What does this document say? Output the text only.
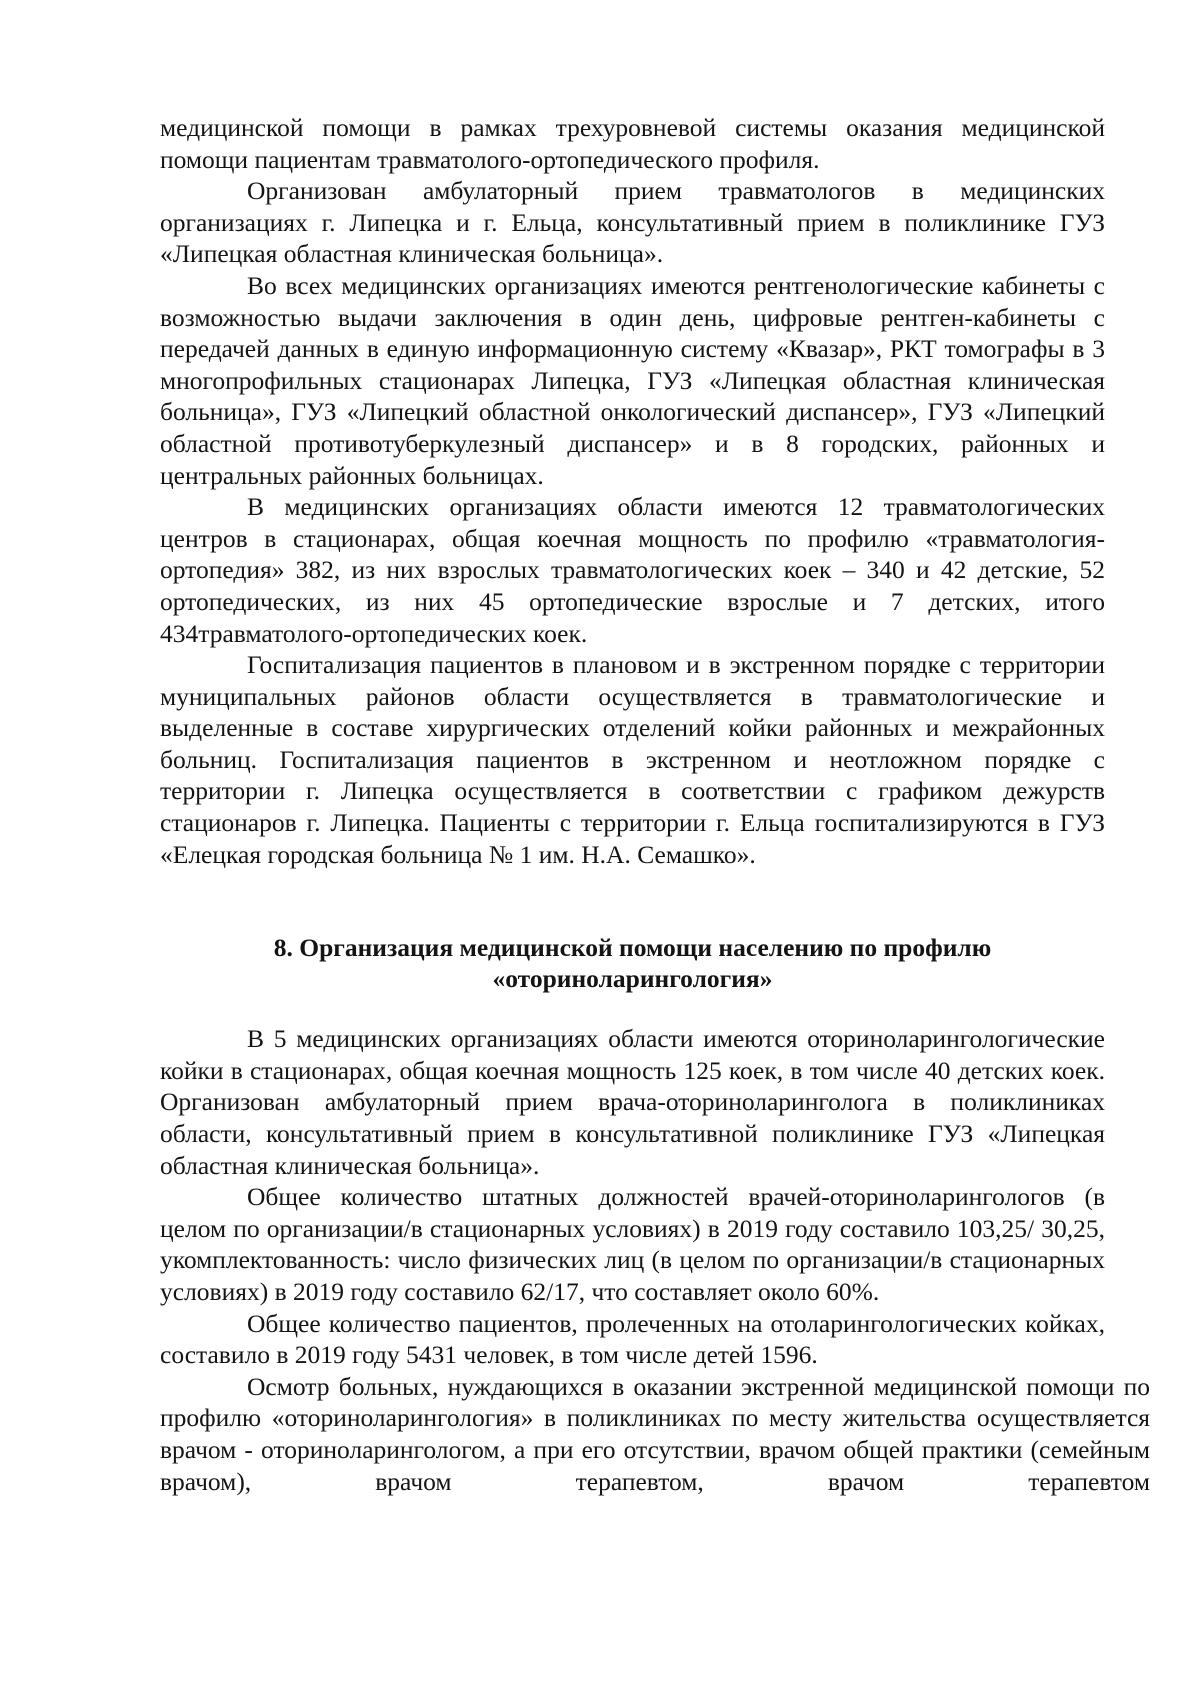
медицинской помощи в рамках трехуровневой системы оказания медицинской помощи пациентам травматолого-ортопедического профиля.

Организован амбулаторный прием травматологов в медицинских организациях г. Липецка и г. Ельца, консультативный прием в поликлинике ГУЗ «Липецкая областная клиническая больница».

Во всех медицинских организациях имеются рентгенологические кабинеты с возможностью выдачи заключения в один день, цифровые рентген-кабинеты с передачей данных в единую информационную систему «Квазар», РКТ томографы в 3 многопрофильных стационарах Липецка, ГУЗ «Липецкая областная клиническая больница», ГУЗ «Липецкий областной онкологический диспансер», ГУЗ «Липецкий областной противотуберкулезный диспансер» и в 8 городских, районных и центральных районных больницах.

В медицинских организациях области имеются 12 травматологических центров в стационарах, общая коечная мощность по профилю «травматология-ортопедия» 382, из них взрослых травматологических коек – 340 и 42 детские, 52 ортопедических, из них 45 ортопедические взрослые и 7 детских, итого 434травматолого-ортопедических коек.

Госпитализация пациентов в плановом и в экстренном порядке с территории муниципальных районов области осуществляется в травматологические и выделенные в составе хирургических отделений койки районных и межрайонных больниц. Госпитализация пациентов в экстренном и неотложном порядке с территории г. Липецка осуществляется в соответствии с графиком дежурств стационаров г. Липецка. Пациенты с территории г. Ельца госпитализируются в ГУЗ «Елецкая городская больница № 1 им. Н.А. Семашко».

8. Организация медицинской помощи населению по профилю
«оториноларингология»

В 5 медицинских организациях области имеются оториноларингологические койки в стационарах, общая коечная мощность 125 коек, в том числе 40 детских коек. Организован амбулаторный прием врача-оториноларинголога в поликлиниках области, консультативный прием в консультативной поликлинике ГУЗ «Липецкая областная клиническая больница».

Общее количество штатных должностей врачей-оториноларингологов (в целом по организации/в стационарных условиях) в 2019 году составило 103,25/ 30,25, укомплектованность: число физических лиц (в целом по организации/в стационарных условиях) в 2019 году составило 62/17, что составляет около 60%.

Общее количество пациентов, пролеченных на отоларингологических койках, составило в 2019 году 5431 человек, в том числе детей 1596.

Осмотр больных, нуждающихся в оказании экстренной медицинской помощи по профилю «оториноларингология» в поликлиниках по месту жительства осуществляется врачом - оториноларингологом, а при его отсутствии, врачом общей практики (семейным врачом), врачом терапевтом, врачом терапевтом
